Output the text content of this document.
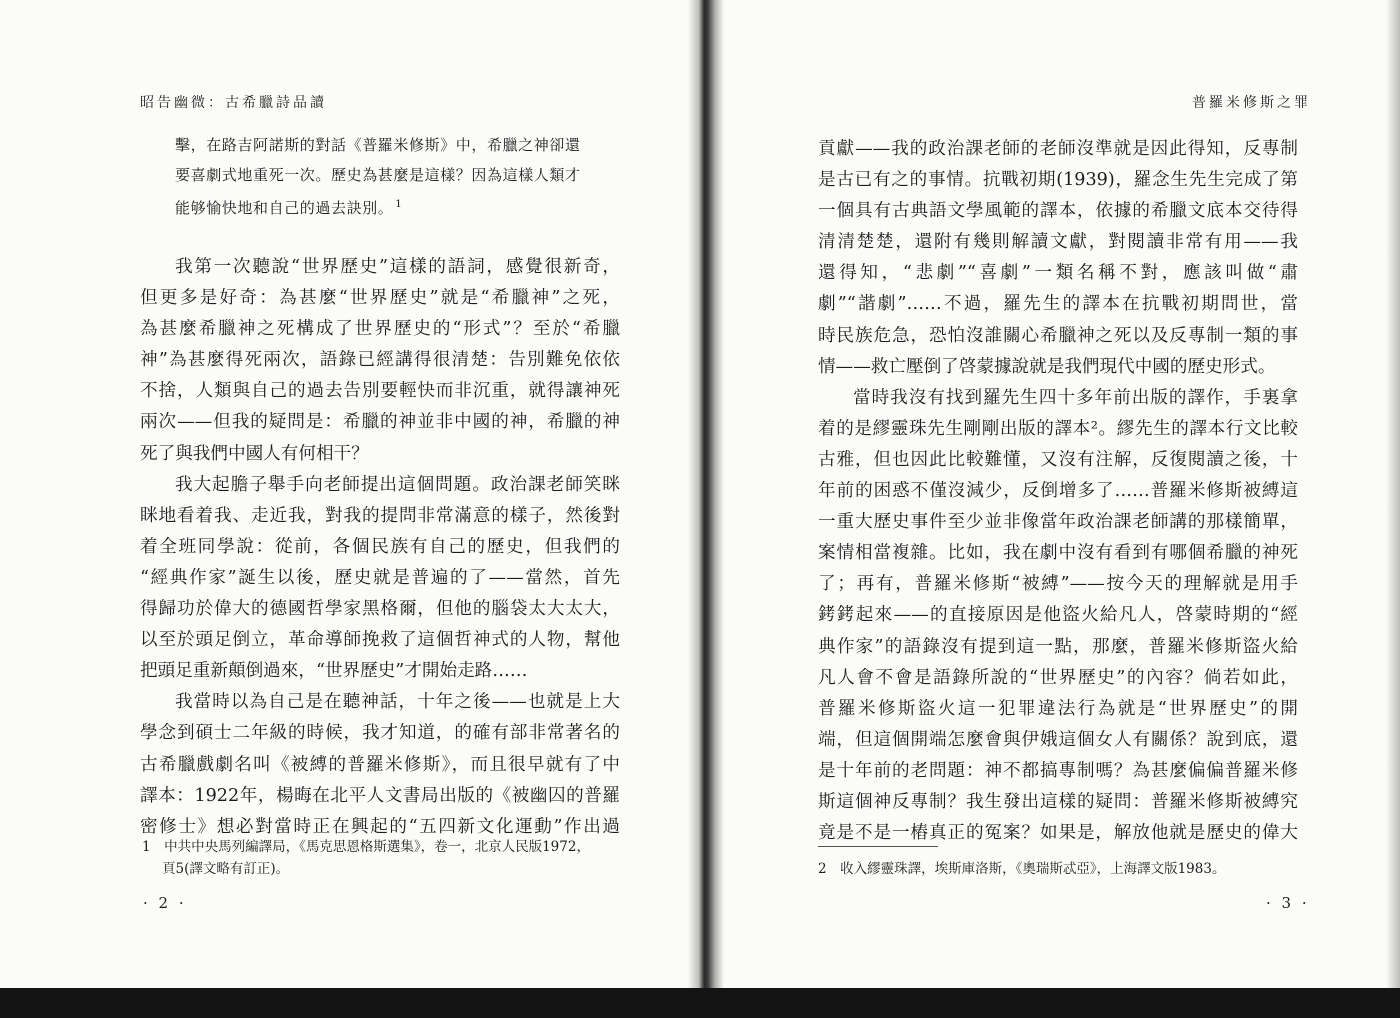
昭告幽微：古希臘詩品讀
擊，在路吉阿諾斯的對話《普羅米修斯》中，希臘之神卻還
要喜劇式地重死一次。歷史為甚麼是這樣？因為這樣人類才
能够愉快地和自己的過去訣別。 $^1$
我第一次聽說“世界歷史”這樣的語詞，感覺很新奇，
但更多是好奇：為甚麼“世界歷史”就是“希臘神”之死，
為甚麼希臘神之死構成了世界歷史的“形式”？至於“希臘
神”為甚麼得死兩次，語錄已經講得很清楚：告別難免依依
不捨，人類與自己的過去告別要輕快而非沉重，就得讓神死
兩次——但我的疑問是：希臘的神並非中國的神，希臘的神
死了與我們中國人有何相干？
我大起膽子舉手向老師提出這個問題。政治課老師笑眯
眯地看着我、走近我，對我的提問非常滿意的樣子，然後對
着全班同學說：從前，各個民族有自己的歷史，但我們的
“經典作家”誕生以後，歷史就是普遍的了——當然，首先
得歸功於偉大的德國哲學家黑格爾，但他的腦袋太大太大，
以至於頭足倒立，革命導師挽救了這個哲神式的人物，幫他
把頭足重新顛倒過來，“世界歷史”才開始走路……
我當時以為自己是在聽神話，十年之後——也就是上大
學念到碩士二年級的時候，我才知道，的確有部非常著名的
古希臘戲劇名叫《被縛的普羅米修斯》，而且很早就有了中
譯本：1922年，楊晦在北平人文書局出版的《被幽囚的普羅
密修士》想必對當時正在興起的“五四新文化運動”作出過
1　中共中央馬列編譯局，《馬克思恩格斯選集》，卷一，北京人民版1972，
頁5(譯文略有訂正)。
· 2 ·
普羅米修斯之罪
貢獻——我的政治課老師的老師沒準就是因此得知，反專制
是古已有之的事情。抗戰初期(1939)，羅念生先生完成了第
一個具有古典語文學風範的譯本，依據的希臘文底本交待得
清清楚楚，還附有幾則解讀文獻，對閱讀非常有用——我
還得知，“悲劇”“喜劇”一類名稱不對，應該叫做“肅
劇”“諧劇”……不過，羅先生的譯本在抗戰初期問世，當
時民族危急，恐怕沒誰關心希臘神之死以及反專制一類的事
情——救亡壓倒了啓蒙據說就是我們現代中國的歷史形式。
當時我沒有找到羅先生四十多年前出版的譯作，手裏拿
着的是繆靈珠先生剛剛出版的譯本²。繆先生的譯本行文比較
古雅，但也因此比較難懂，又沒有注解，反復閱讀之後，十
年前的困惑不僅沒減少，反倒增多了……普羅米修斯被縛這
一重大歷史事件至少並非像當年政治課老師講的那樣簡單，
案情相當複雜。比如，我在劇中沒有看到有哪個希臘的神死
了；再有，普羅米修斯“被縛”——按今天的理解就是用手
銬銬起來——的直接原因是他盜火給凡人，啓蒙時期的“經
典作家”的語錄沒有提到這一點，那麼，普羅米修斯盜火給
凡人會不會是語錄所說的“世界歷史”的內容？倘若如此，
普羅米修斯盜火這一犯罪違法行為就是“世界歷史”的開
端，但這個開端怎麼會與伊娥這個女人有關係？說到底，還
是十年前的老問題：神不都搞專制嗎？為甚麼偏偏普羅米修
斯這個神反專制？我生發出這樣的疑問：普羅米修斯被縛究
竟是不是一樁真正的冤案？如果是，解放他就是歷史的偉大
2　收入繆靈珠譯，埃斯庫洛斯，《奧瑞斯忒亞》，上海譯文版1983。
· 3 ·
